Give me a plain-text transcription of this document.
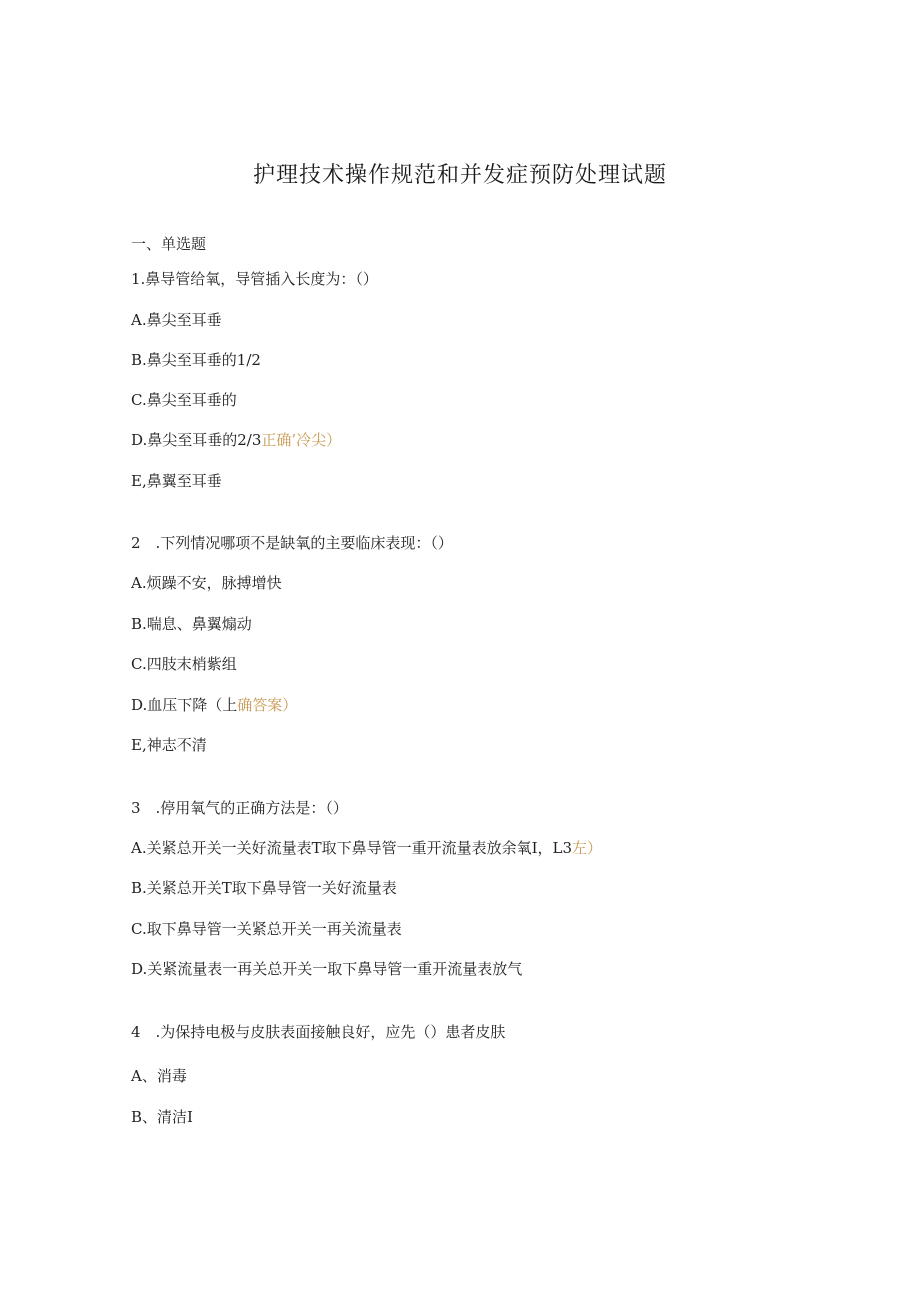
护理技术操作规范和并发症预防处理试题
一、单选题
1.鼻导管给氧，导管插入长度为：（）
A.鼻尖至耳垂
B.鼻尖至耳垂的1/2
C.鼻尖至耳垂的
D.鼻尖至耳垂的2/3正确’冷尖）
E,鼻翼至耳垂
2　.下列情况哪项不是缺氧的主要临床表现：（）
A.烦躁不安，脉搏增快
B.喘息、鼻翼煽动
C.四肢末梢紫组
D.血压下降（上确答案）
E,神志不清
3　.停用氧气的正确方法是：（）
A.关紧总开关一关好流量表T取下鼻导管一重开流量表放余氧I，L3左）
B.关紧总开关T取下鼻导管一关好流量表
C.取下鼻导管一关紧总开关一再关流量表
D.关紧流量表一再关总开关一取下鼻导管一重开流量表放气
4　.为保持电极与皮肤表面接触良好，应先（）患者皮肤
A、消毒
B、清洁I
